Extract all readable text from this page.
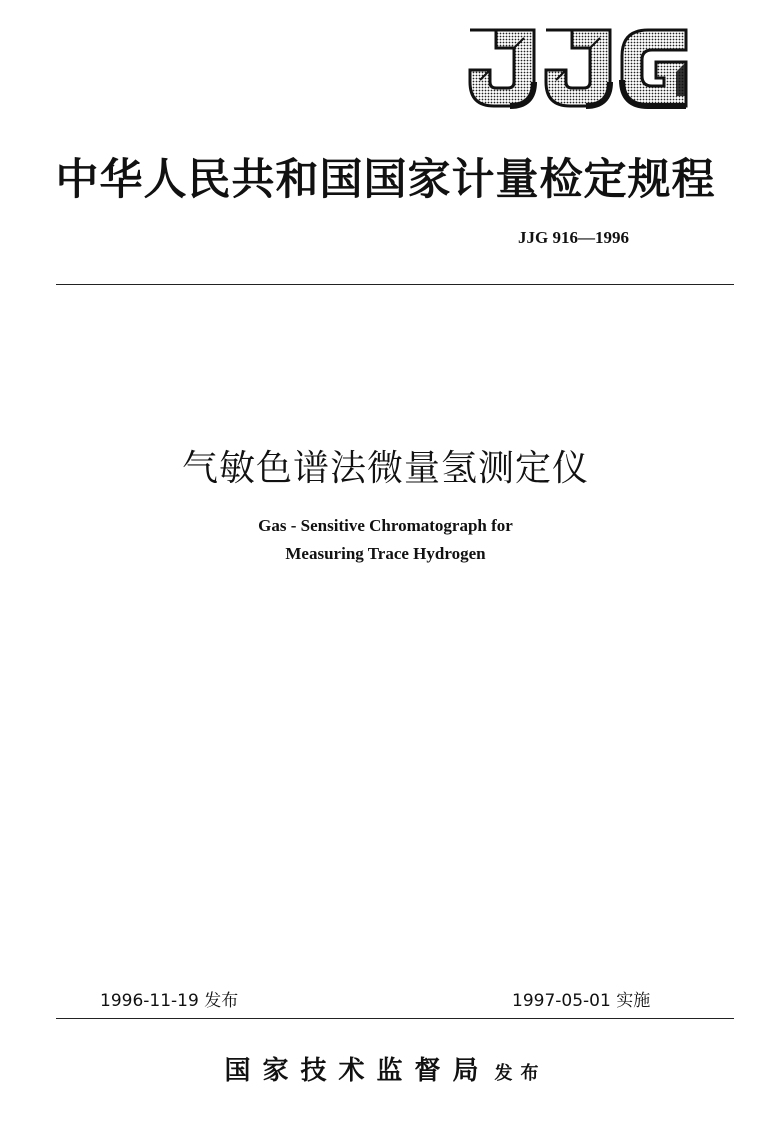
中华人民共和国国家计量检定规程
JJG 916—1996
气敏色谱法微量氢测定仪
Gas - Sensitive Chromatograph for
Measuring Trace Hydrogen
1996-11-19 发布	1997-05-01 实施
国家技术监督局 发布
